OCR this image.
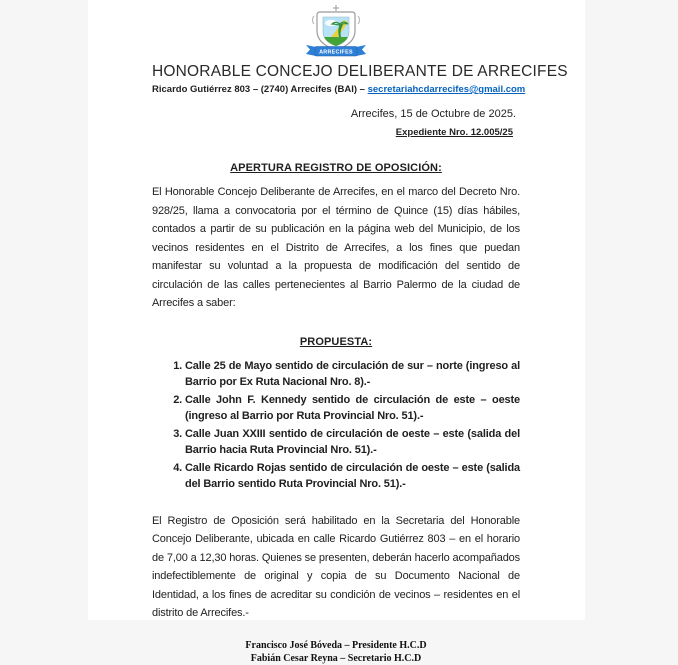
ARRECIFES
HONORABLE CONCEJO DELIBERANTE DE ARRECIFES
Ricardo Gutiérrez 803 – (2740) Arrecifes (BAI) – secretariahcdarrecifes@gmail.com
Arrecifes, 15 de Octubre de 2025.
Expediente Nro. 12.005/25
APERTURA REGISTRO DE OPOSICIÓN:

El Honorable Concejo Deliberante de Arrecifes, en el marco del Decreto Nro. 928/25, llama a convocatoria por el término de Quince (15) días hábiles, contados a partir de su publicación en la página web del Municipio, de los vecinos residentes en el Distrito de Arrecifes, a los fines que puedan manifestar su voluntad a la propuesta de modificación del sentido de circulación de las calles pertenecientes al Barrio Palermo de la ciudad de Arrecifes a saber:

PROPUESTA:
1. Calle 25 de Mayo sentido de circulación de sur – norte (ingreso al Barrio por Ex Ruta Nacional Nro. 8).-
2. Calle John F. Kennedy sentido de circulación de este – oeste (ingreso al Barrio por Ruta Provincial Nro. 51).-
3. Calle Juan XXIII sentido de circulación de oeste – este (salida del Barrio hacia Ruta Provincial Nro. 51).-
4. Calle Ricardo Rojas sentido de circulación de oeste – este (salida del Barrio sentido Ruta Provincial Nro. 51).-

El Registro de Oposición será habilitado en la Secretaria del Honorable Concejo Deliberante, ubicada en calle Ricardo Gutiérrez 803 – en el horario de 7,00 a 12,30 horas. Quienes se presenten, deberán hacerlo acompañados indefectiblemente de original y copia de su Documento Nacional de Identidad, a los fines de acreditar su condición de vecinos – residentes en el distrito de Arrecifes.-

Francisco José Bóveda – Presidente H.C.D
Fabián Cesar Reyna – Secretario H.C.D
